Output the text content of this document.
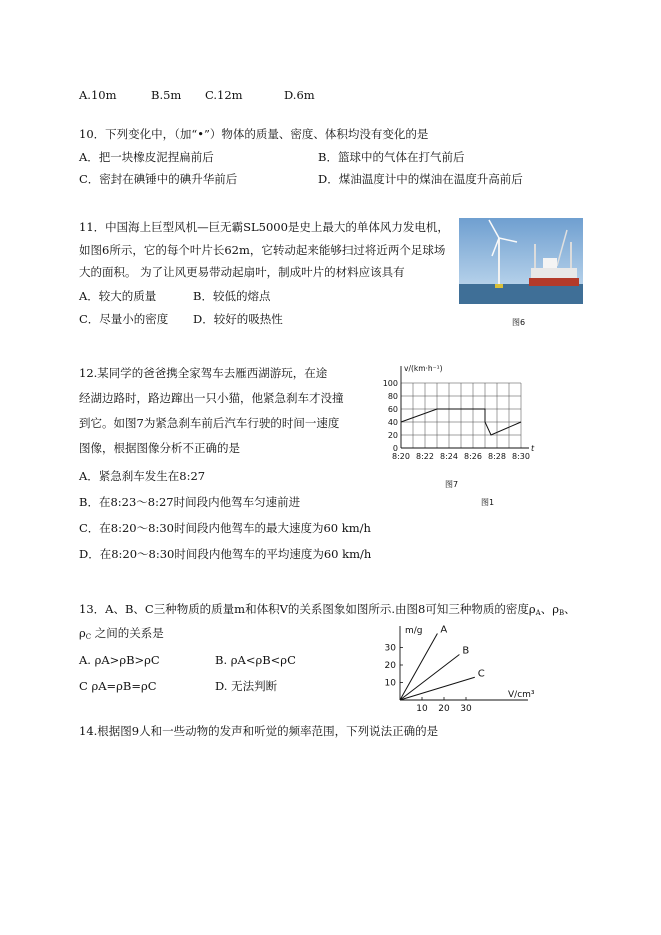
A.10m	B.5m C.12m	D.6m
10．下列变化中，（加“•”）物体的质量、密度、体积均没有变化的是
A．把一块橡皮泥捏扁前后	B．篮球中的气体在打气前后
C．密封在碘锤中的碘升华前后	D．煤油温度计中的煤油在温度升高前后
11．中国海上巨型风机—巨无霸SL5000是史上最大的单体风力发电机，
如图6所示，它的每个叶片长62m，它转动起来能够扫过将近两个足球场
大的面积。 为了让风更易带动起扇叶，制成叶片的材料应该具有
A．较大的质量	B．较低的熔点
C．尽量小的密度 D．较好的吸热性	图6
12.某同学的爸爸携全家驾车去雁西湖游玩，在途
经湖边路时，路边蹿出一只小猫，他紧急刹车才没撞
到它。如图7为紧急刹车前后汽车行驶的时间一速度
图像，根据图像分析不正确的是
A．紧急刹车发生在8:27
B．在8:23～8:27时间段内他驾车匀速前进
C．在8:20～8:30时间段内他驾车的最大速度为60 km/h
D．在8:20～8:30时间段内他驾车的平均速度为60 km/h
0
20
40
60
80
100
8:20 8:22 8:24 8:26 8:28 8:30
v/(km·h⁻¹)
t
图7
图1
13．A、B、C三种物质的质量m和体积V的关系图象如图所示.由图8可知三种物质的密度$\rho_A$、$\rho_B$、
$\rho_C$ 之间的关系是
A. ρA>ρB>ρC	B. ρA<ρB<ρC
C ρA=ρB=ρC	D. 无法判断
m/g
V/cm³
10 20 30
10
20
30
A
B
C
14.根据图9人和一些动物的发声和听觉的频率范围，下列说法正确的是
